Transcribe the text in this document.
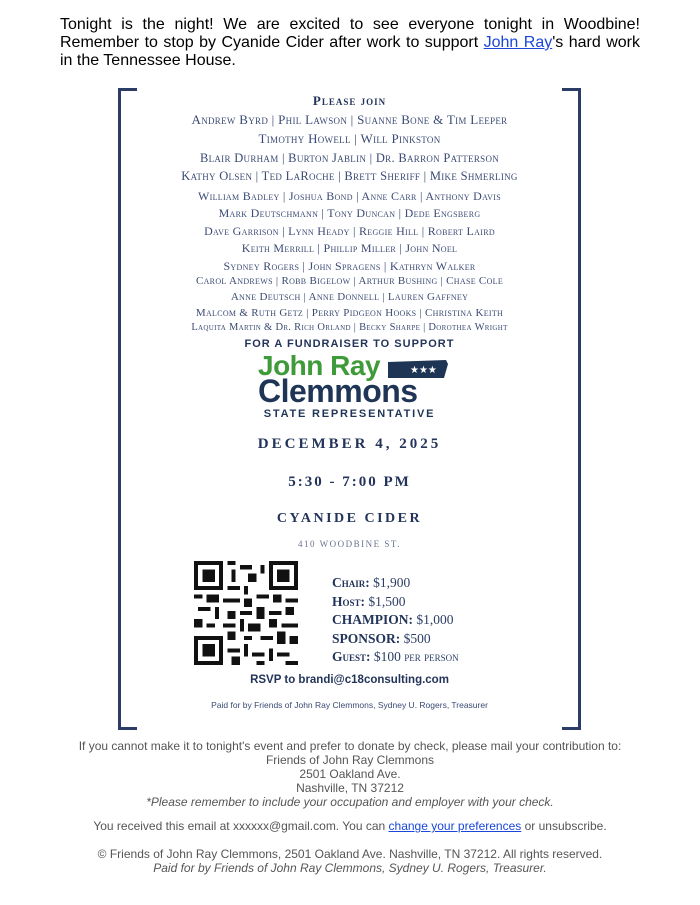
Tonight is the night! We are excited to see everyone tonight in Woodbine! Remember to stop by Cyanide Cider after work to support John Ray's hard work in the Tennessee House.
Please join
Andrew Byrd | Phil Lawson | Suanne Bone & Tim Leeper
Timothy Howell | Will Pinkston
Blair Durham | Burton Jablin | Dr. Barron Patterson
Kathy Olsen | Ted LaRoche | Brett Sheriff | Mike Shmerling
William Badley | Joshua Bond | Anne Carr | Anthony Davis
Mark Deutschmann | Tony Duncan | Dede Engsberg
Dave Garrison | Lynn Heady | Reggie Hill | Robert Laird
Keith Merrill | Phillip Miller | John Noel
Sydney Rogers | John Spragens | Kathryn Walker
Carol Andrews | Robb Bigelow | Arthur Bushing | Chase Cole
Anne Deutsch | Anne Donnell | Lauren Gaffney
Malcom & Ruth Getz | Perry Pidgeon Hooks | Christina Keith
Laquita Martin & Dr. Rich Orland | Becky Sharpe | Dorothea Wright
FOR A FUNDRAISER TO SUPPORT
John Ray	★★★
Clemmons
STATE REPRESENTATIVE
DECEMBER 4, 2025
5:30 - 7:00 PM
CYANIDE CIDER
410 WOODBINE ST.
Chair: $1,900
Host: $1,500
CHAMPION: $1,000
SPONSOR: $500
Guest: $100 per person
RSVP to brandi@c18consulting.com
Paid for by Friends of John Ray Clemmons, Sydney U. Rogers, Treasurer
If you cannot make it to tonight's event and prefer to donate by check, please mail your contribution to:
Friends of John Ray Clemmons
2501 Oakland Ave.
Nashville, TN 37212
*Please remember to include your occupation and employer with your check.
You received this email at xxxxxx@gmail.com. You can change your preferences or unsubscribe.
© Friends of John Ray Clemmons, 2501 Oakland Ave. Nashville, TN 37212. All rights reserved.
Paid for by Friends of John Ray Clemmons, Sydney U. Rogers, Treasurer.
